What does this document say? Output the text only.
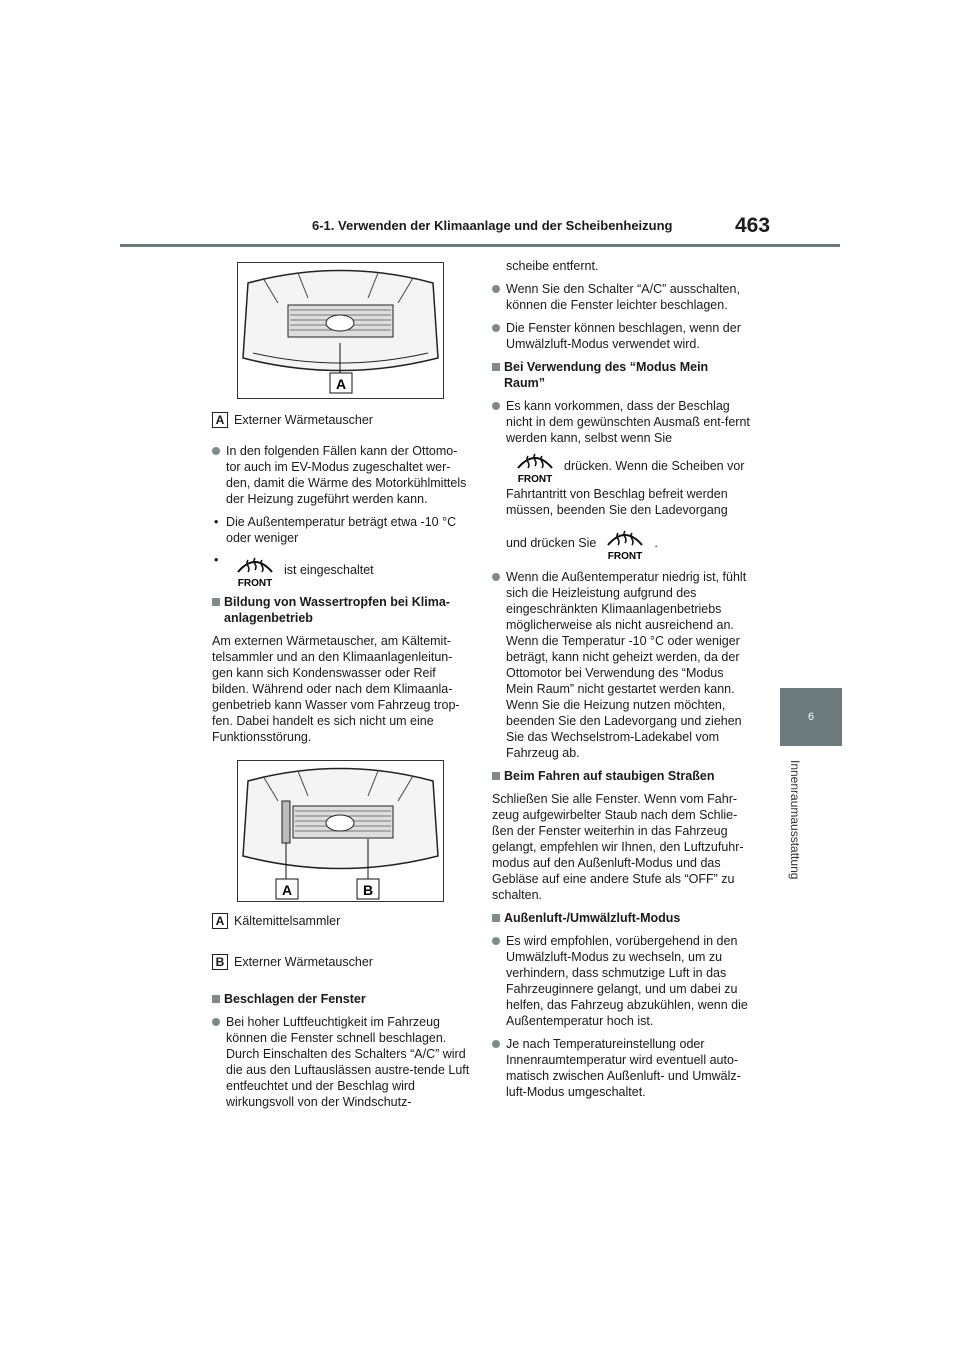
6-1. Verwenden der Klimaanlage und der Scheibenheizung	463
6
Innenraumausstattung
A

A Externer Wärmetauscher

In den folgenden Fällen kann der Ottomo-tor auch im EV-Modus zugeschaltet wer-den, damit die Wärme des Motorkühlmittels der Heizung zugeführt werden kann.
• Die Außentemperatur beträgt etwa -10 °C oder weniger
• FRONT
ist eingeschaltet
Bildung von Wassertropfen bei Klima-anlagenbetrieb

Am externen Wärmetauscher, am Kältemit-telsammler und an den Klimaanlagenleitun-gen kann sich Kondenswasser oder Reif bilden. Während oder nach dem Klimaanla-genbetrieb kann Wasser vom Fahrzeug trop-fen. Dabei handelt es sich nicht um eine Funktionsstörung.

A	B

A Kältemittelsammler

B Externer Wärmetauscher

Beschlagen der Fenster
Bei hoher Luftfeuchtigkeit im Fahrzeug können die Fenster schnell beschlagen. Durch Einschalten des Schalters “A/C” wird die aus den Luftauslässen austre-tende Luft entfeuchtet und der Beschlag wird wirkungsvoll von der Windschutz-

scheibe entfernt.

Wenn Sie den Schalter “A/C” ausschalten, können die Fenster leichter beschlagen.
Die Fenster können beschlagen, wenn der Umwälzluft-Modus verwendet wird.
Bei Verwendung des “Modus Mein Raum”
Es kann vorkommen, dass der Beschlag nicht in dem gewünschten Ausmaß ent-fernt werden kann, selbst wenn Sie
FRONT
drücken. Wenn die Scheiben vor

Fahrtantritt von Beschlag befreit werden müssen, beenden Sie den Ladevorgang

und drücken Sie
FRONT
.
Wenn die Außentemperatur niedrig ist, fühlt sich die Heizleistung aufgrund des eingeschränkten Klimaanlagenbetriebs möglicherweise als nicht ausreichend an. Wenn die Temperatur -10 °C oder weniger beträgt, kann nicht geheizt werden, da der Ottomotor bei Verwendung des “Modus Mein Raum” nicht gestartet werden kann. Wenn Sie die Heizung nutzen möchten, beenden Sie den Ladevorgang und ziehen Sie das Wechselstrom-Ladekabel vom Fahrzeug ab.
Beim Fahren auf staubigen Straßen

Schließen Sie alle Fenster. Wenn vom Fahr-zeug aufgewirbelter Staub nach dem Schlie-ßen der Fenster weiterhin in das Fahrzeug gelangt, empfehlen wir Ihnen, den Luftzufuhr-modus auf den Außenluft-Modus und das Gebläse auf eine andere Stufe als “OFF” zu schalten.

Außenluft-/Umwälzluft-Modus
Es wird empfohlen, vorübergehend in den Umwälzluft-Modus zu wechseln, um zu verhindern, dass schmutzige Luft in das Fahrzeuginnere gelangt, und um dabei zu helfen, das Fahrzeug abzukühlen, wenn die Außentemperatur hoch ist.
Je nach Temperatureinstellung oder Innenraumtemperatur wird eventuell auto-matisch zwischen Außenluft- und Umwälz-luft-Modus umgeschaltet.
